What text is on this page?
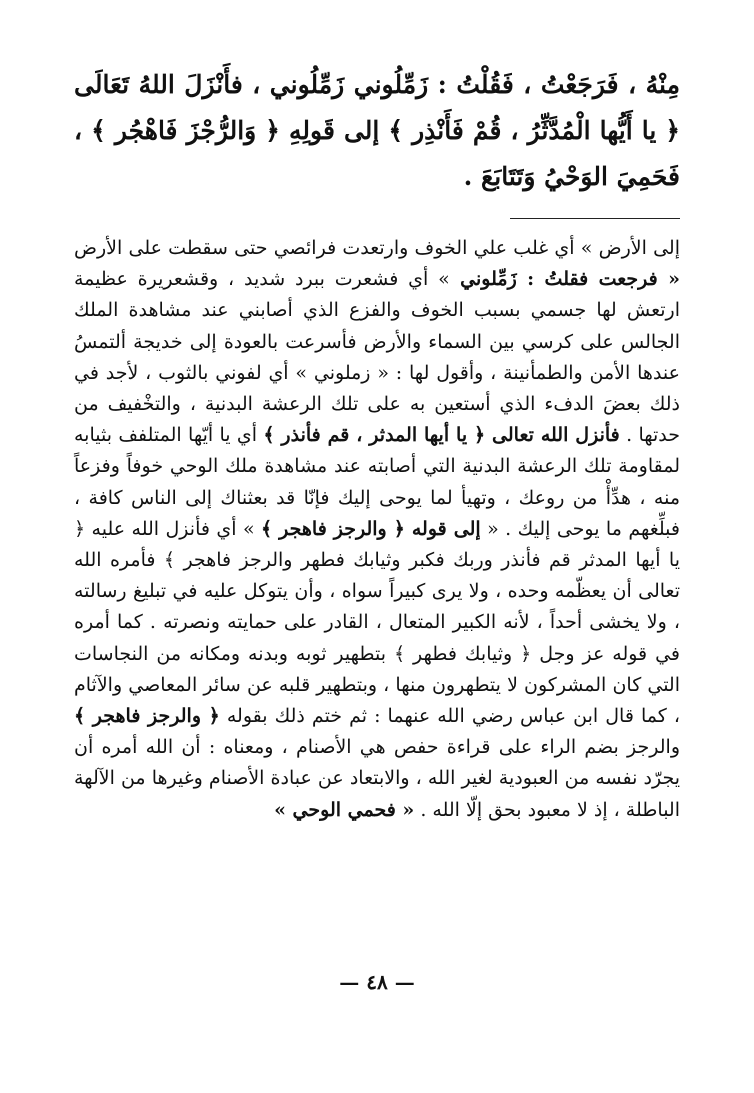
مِنْهُ ، فَرَجَعْتُ ، فَقُلْتُ : زَمِّلُوني زَمِّلُوني ، فأَنْزَلَ اللهُ تَعَالَى ﴿ يا أَيُّها الْمُدَّثِّرُ ، قُمْ فَأَنْذِر ﴾ إلى قَولِهِ ﴿ وَالرُّجْزَ فَاهْجُر ﴾ ، فَحَمِيَ الوَحْيُ وَتَتَابَعَ .
إلى الأرض » أي غلب علي الخوف وارتعدت فرائصي حتى سقطت على الأرض « فرجعت فقلتُ : زَمِّلوني » أي فشعرت ببرد شديد ، وقشعريرة عظيمة ارتعش لها جسمي بسبب الخوف والفزع الذي أصابني عند مشاهدة الملك الجالس على كرسي بين السماء والأرض فأسرعت بالعودة إلى خديجة ألتمسُ عندها الأمن والطمأنينة ، وأقول لها : « زملوني » أي لفوني بالثوب ، لأجد في ذلك بعضَ الدفء الذي أستعين به على تلك الرعشة البدنية ، والتخْفيف من حدتها . فأنزل الله تعالى ﴿ يا أيها المدثر ، قم فأنذر ﴾ أي يا أيّها المتلفف بثيابه لمقاومة تلك الرعشة البدنية التي أصابته عند مشاهدة ملك الوحي خوفاً وفزعاً منه ، هدِّأْ من روعك ، وتهيأ لما يوحى إليك فإنّا قد بعثناك إلى الناس كافة ، فبلِّغهم ما يوحى إليك . « إلى قوله ﴿ والرجز فاهجر ﴾ » أي فأنزل الله عليه ﴿ يا أيها المدثر قم فأنذر وربك فكبر وثيابك فطهر والرجز فاهجر ﴾ فأمره الله تعالى أن يعظّمه وحده ، ولا يرى كبيراً سواه ، وأن يتوكل عليه في تبليغ رسالته ، ولا يخشى أحداً ، لأنه الكبير المتعال ، القادر على حمايته ونصرته . كما أمره في قوله عز وجل ﴿ وثيابك فطهر ﴾ بتطهير ثوبه وبدنه ومكانه من النجاسات التي كان المشركون لا يتطهرون منها ، وبتطهير قلبه عن سائر المعاصي والآثام ، كما قال ابن عباس رضي الله عنهما : ثم ختم ذلك بقوله ﴿ والرجز فاهجر ﴾ والرجز بضم الراء على قراءة حفص هي الأصنام ، ومعناه : أن الله أمره أن يجرّد نفسه من العبودية لغير الله ، والابتعاد عن عبادة الأصنام وغيرها من الآلهة الباطلة ، إذ لا معبود بحق إلّا الله . « فحمي الوحي »
— ٤٨ —
